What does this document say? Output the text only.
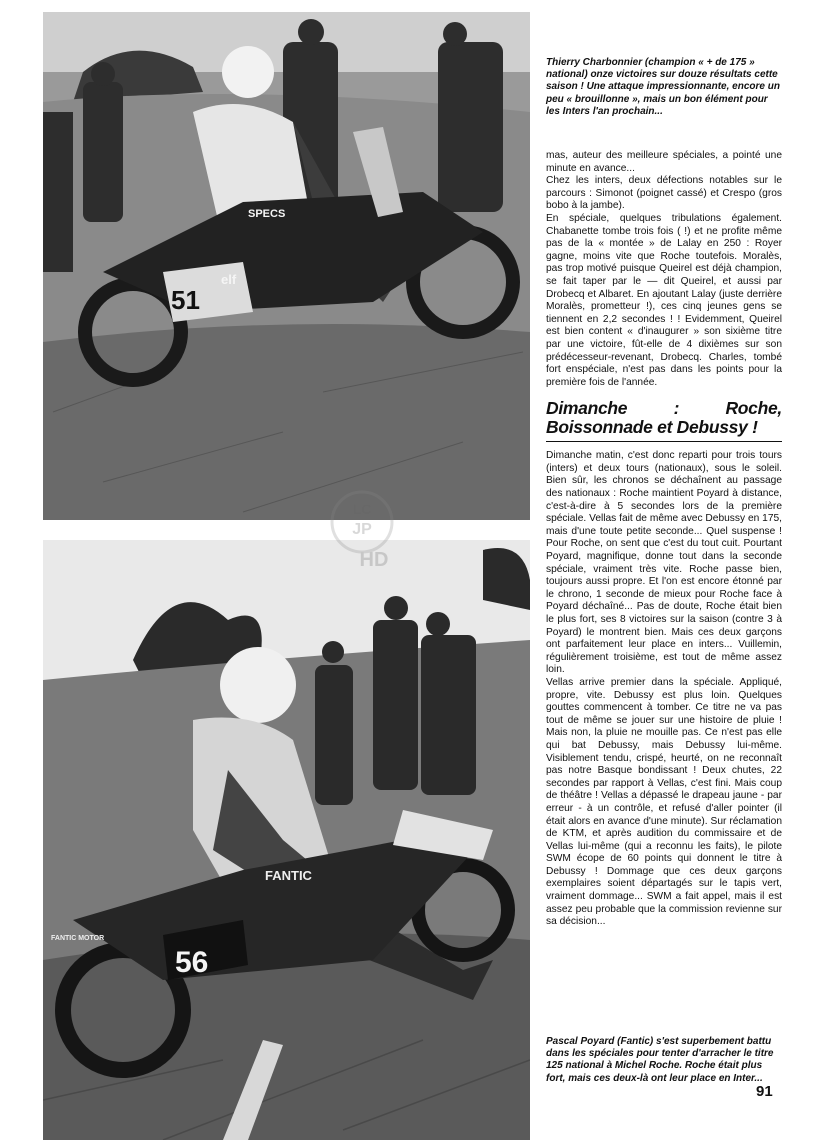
51
elf
SPECS
56
FANTIC
FANTIC MOTOR
LC
JP
HD

Thierry Charbonnier (champion « + de 175 » national) onze victoires sur douze résultats cette saison ! Une attaque impressionnante, encore un peu « brouillonne », mais un bon élément pour les Inters l'an prochain...

mas, auteur des meilleure spéciales, a pointé une minute en avance...

Chez les inters, deux défections notables sur le parcours : Simonot (poignet cassé) et Crespo (gros bobo à la jambe).

En spéciale, quelques tribulations également. Chabanette tombe trois fois ( !) et ne profite même pas de la « montée » de Lalay en 250 : Royer gagne, moins vite que Roche toutefois. Moralès, pas trop motivé puisque Queirel est déjà champion, se fait taper par le — dit Queirel, et aussi par Drobecq et Albaret. En ajoutant Lalay (juste derrière Moralès, prometteur !), ces cinq jeunes gens se tiennent en 2,2 secondes ! ! Evidemment, Queirel est bien content « d'inaugurer » son sixième titre par une victoire, fût-elle de 4 dixièmes sur son prédécesseur-revenant, Drobecq. Charles, tombé fort enspéciale, n'est pas dans les points pour la première fois de l'année.

Dimanche : Roche, Boissonnade et Debussy !

Dimanche matin, c'est donc reparti pour trois tours (inters) et deux tours (nationaux), sous le soleil. Bien sûr, les chronos se déchaînent au passage des nationaux : Roche maintient Poyard à distance, c'est-à-dire à 5 secondes lors de la première spéciale. Vellas fait de même avec Debussy en 175, mais d'une toute petite seconde... Quel suspense ! Pour Roche, on sent que c'est du tout cuit. Pourtant Poyard, magnifique, donne tout dans la seconde spéciale, vraiment très vite. Roche passe bien, toujours aussi propre. Et l'on est encore étonné par le chrono, 1 seconde de mieux pour Roche face à Poyard déchaîné... Pas de doute, Roche était bien le plus fort, ses 8 victoires sur la saison (contre 3 à Poyard) le montrent bien. Mais ces deux garçons ont parfaitement leur place en inters... Vuillemin, régulièrement troisième, est tout de même assez loin.

Vellas arrive premier dans la spéciale. Appliqué, propre, vite. Debussy est plus loin. Quelques gouttes commencent à tomber. Ce titre ne va pas tout de même se jouer sur une histoire de pluie ! Mais non, la pluie ne mouille pas. Ce n'est pas elle qui bat Debussy, mais Debussy lui-même. Visiblement tendu, crispé, heurté, on ne reconnaît pas notre Basque bondissant ! Deux chutes, 22 secondes par rapport à Vellas, c'est fini. Mais coup de théâtre ! Vellas a dépassé le drapeau jaune - par erreur - à un contrôle, et refusé d'aller pointer (il était alors en avance d'une minute). Sur réclamation de KTM, et après audition du commissaire et de Vellas lui-même (qui a reconnu les faits), le pilote SWM écope de 60 points qui donnent le titre à Debussy ! Dommage que ces deux garçons exemplaires soient départagés sur le tapis vert, vraiment dommage... SWM a fait appel, mais il est assez peu probable que la commission revienne sur sa décision...

Pascal Poyard (Fantic) s'est superbement battu dans les spéciales pour tenter d'arracher le titre 125 national à Michel Roche. Roche était plus fort, mais ces deux-là ont leur place en Inter...

91
